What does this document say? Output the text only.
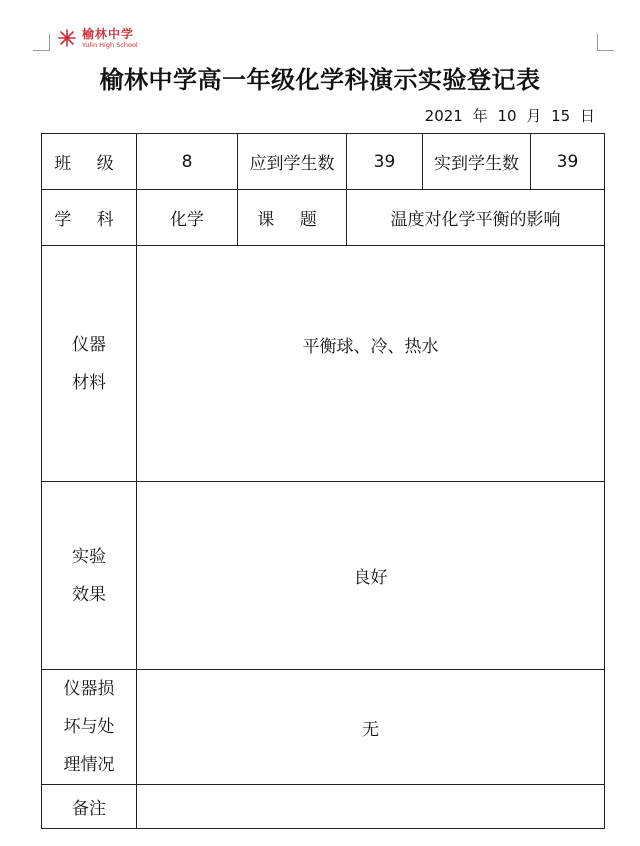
榆林中学
Yulin High School
榆林中学高一年级化学科演示实验登记表
2021 年 10 月 15 日
班 级	8	应到学生数	39	实到学生数	39
学 科	化学	课 题	温度对化学平衡的影响		

仪器
材料	平衡球、冷、热水				

实验
效果	良好				

仪器损
坏与处
理情况	无				
备注					
